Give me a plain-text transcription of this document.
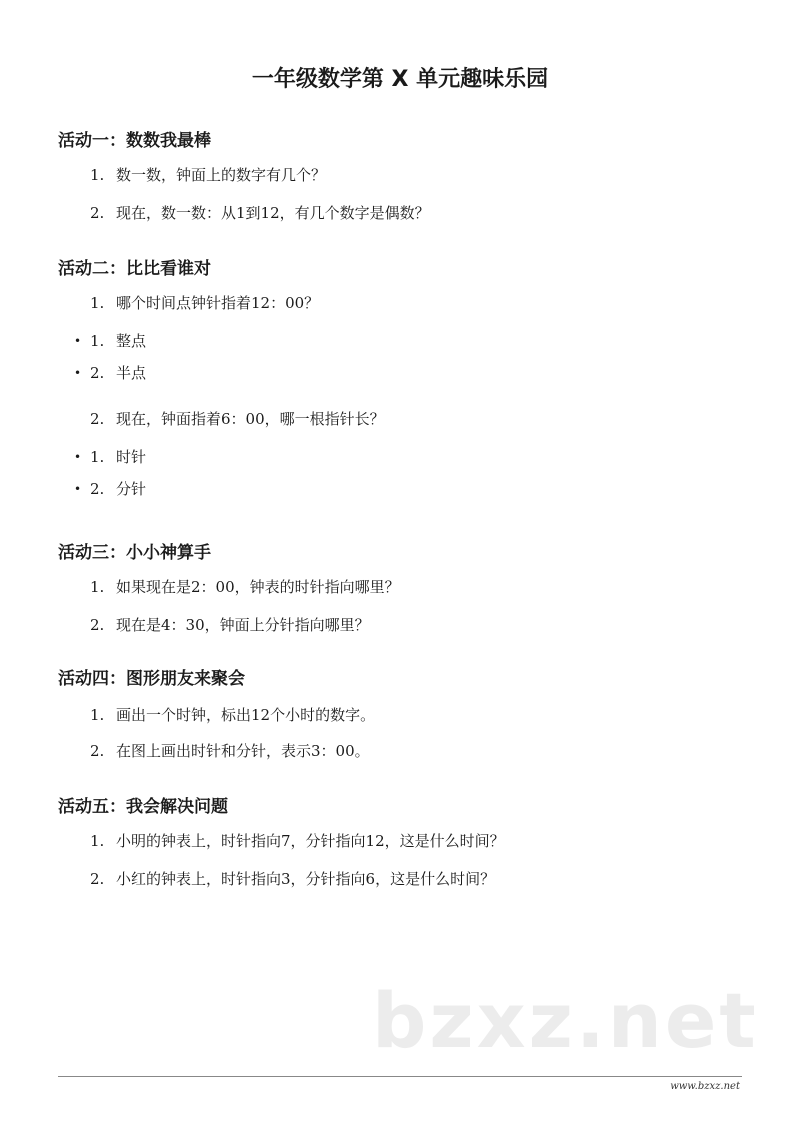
一年级数学第 X 单元趣味乐园
活动一：数数我最棒
1. 数一数，钟面上的数字有几个？
2. 现在，数一数：从1到12，有几个数字是偶数？
活动二：比比看谁对
1. 哪个时间点钟针指着12：00？
• 1. 整点
• 2. 半点
2. 现在，钟面指着6：00，哪一根指针长？
• 1. 时针
• 2. 分针
活动三：小小神算手
1. 如果现在是2：00，钟表的时针指向哪里？
2. 现在是4：30，钟面上分针指向哪里？
活动四：图形朋友来聚会
1. 画出一个时钟，标出12个小时的数字。
2. 在图上画出时针和分针，表示3：00。
活动五：我会解决问题
1. 小明的钟表上，时针指向7，分针指向12，这是什么时间？
2. 小红的钟表上，时针指向3，分针指向6，这是什么时间？
bzxz.net
www.bzxz.net
